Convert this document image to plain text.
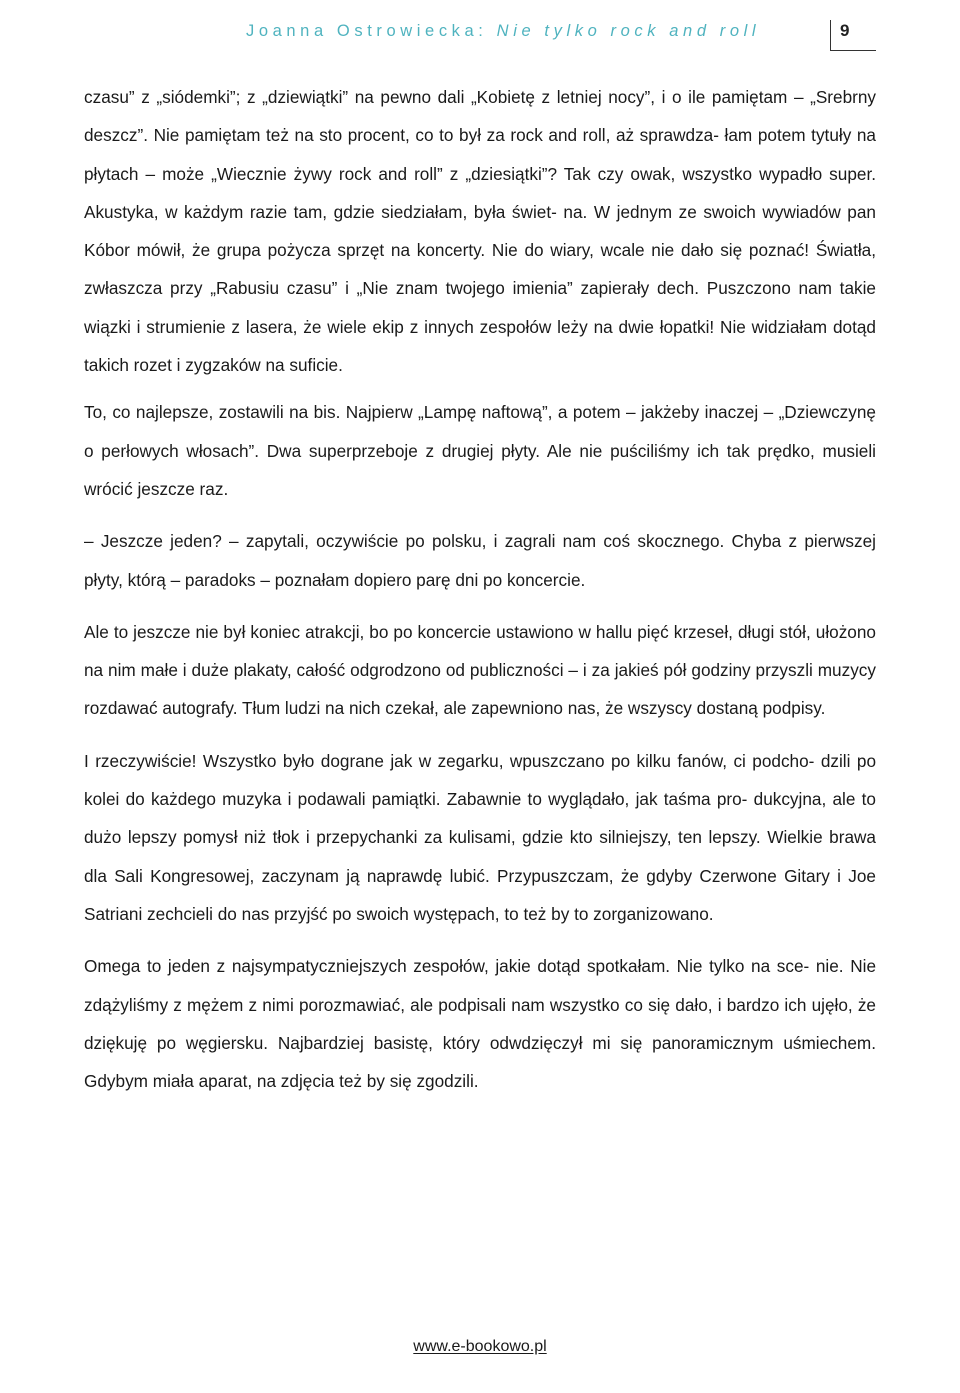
Joanna Ostrowiecka: Nie tylko rock and roll	9

czasu” z „siódemki”; z „dziewiątki” na pewno dali „Kobietę z letniej nocy”, i o ile pamiętam – „Srebrny deszcz”. Nie pamiętam też na sto procent, co to był za rock and roll, aż sprawdza- łam potem tytuły na płytach – może „Wiecznie żywy rock and roll” z „dziesiątki”? Tak czy owak, wszystko wypadło super. Akustyka, w każdym razie tam, gdzie siedziałam, była świet- na. W jednym ze swoich wywiadów pan Kóbor mówił, że grupa pożycza sprzęt na koncerty. Nie do wiary, wcale nie dało się poznać! Światła, zwłaszcza przy „Rabusiu czasu” i „Nie znam twojego imienia” zapierały dech. Puszczono nam takie wiązki i strumienie z lasera, że wiele ekip z innych zespołów leży na dwie łopatki! Nie widziałam dotąd takich rozet i zygzaków na suficie.

To, co najlepsze, zostawili na bis. Najpierw „Lampę naftową”, a potem – jakżeby inaczej – „Dziewczynę o perłowych włosach”. Dwa superprzeboje z drugiej płyty. Ale nie puściliśmy ich tak prędko, musieli wrócić jeszcze raz.

– Jeszcze jeden? – zapytali, oczywiście po polsku, i zagrali nam coś skocznego. Chyba z pierwszej płyty, którą – paradoks – poznałam dopiero parę dni po koncercie.

Ale to jeszcze nie był koniec atrakcji, bo po koncercie ustawiono w hallu pięć krzeseł, długi stół, ułożono na nim małe i duże plakaty, całość odgrodzono od publiczności – i za jakieś pół godziny przyszli muzycy rozdawać autografy. Tłum ludzi na nich czekał, ale zapewniono nas, że wszyscy dostaną podpisy.

I rzeczywiście! Wszystko było dograne jak w zegarku, wpuszczano po kilku fanów, ci podcho- dzili po kolei do każdego muzyka i podawali pamiątki. Zabawnie to wyglądało, jak taśma pro- dukcyjna, ale to dużo lepszy pomysł niż tłok i przepychanki za kulisami, gdzie kto silniejszy, ten lepszy. Wielkie brawa dla Sali Kongresowej, zaczynam ją naprawdę lubić. Przypuszczam, że gdyby Czerwone Gitary i Joe Satriani zechcieli do nas przyjść po swoich występach, to też by to zorganizowano.

Omega to jeden z najsympatyczniejszych zespołów, jakie dotąd spotkałam. Nie tylko na sce- nie. Nie zdążyliśmy z mężem z nimi porozmawiać, ale podpisali nam wszystko co się dało, i bardzo ich ujęło, że dziękuję po węgiersku. Najbardziej basistę, który odwdzięczył mi się panoramicznym uśmiechem. Gdybym miała aparat, na zdjęcia też by się zgodzili.

www.e-bookowo.pl
